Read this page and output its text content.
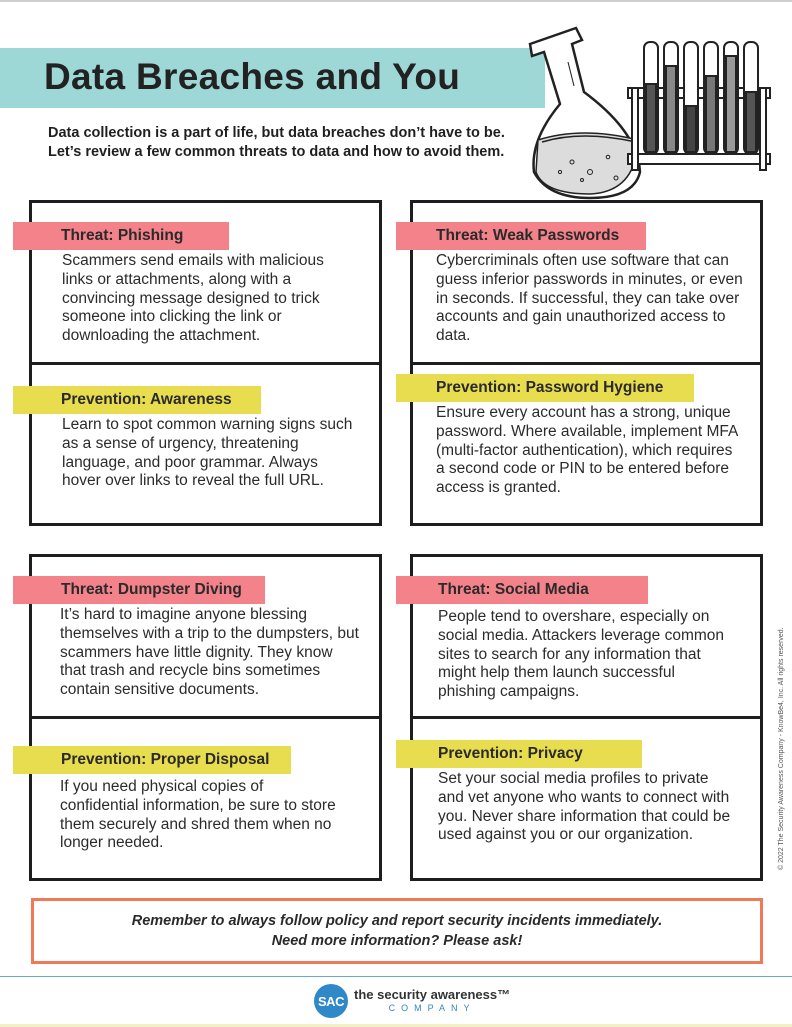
Data Breaches and You
Data collection is a part of life, but data breaches don’t have to be. Let’s review a few common threats to data and how to avoid them.
Threat: Phishing
Scammers send emails with malicious links or attachments, along with a convincing message designed to trick someone into clicking the link or downloading the attachment.
Prevention: Awareness
Learn to spot common warning signs such as a sense of urgency, threatening language, and poor grammar. Always hover over links to reveal the full URL.
Threat: Weak Passwords
Cybercriminals often use software that can guess inferior passwords in minutes, or even in seconds. If successful, they can take over accounts and gain unauthorized access to data.
Prevention: Password Hygiene
Ensure every account has a strong, unique password. Where available, implement MFA (multi-factor authentication), which requires a second code or PIN to be entered before access is granted.
Threat: Dumpster Diving
It’s hard to imagine anyone blessing themselves with a trip to the dumpsters, but scammers have little dignity. They know that trash and recycle bins sometimes contain sensitive documents.
Prevention: Proper Disposal
If you need physical copies of confidential information, be sure to store them securely and shred them when no longer needed.
Threat: Social Media
People tend to overshare, especially on social media. Attackers leverage common sites to search for any information that might help them launch successful phishing campaigns.
Prevention: Privacy
Set your social media profiles to private and vet anyone who wants to connect with you. Never share information that could be used against you or our organization.
Remember to always follow policy and report security incidents immediately.
Need more information? Please ask!
SAC the security awareness™
COMPANY
© 2022 The Security Awareness Company - KnowBe4, Inc. All rights reserved.
